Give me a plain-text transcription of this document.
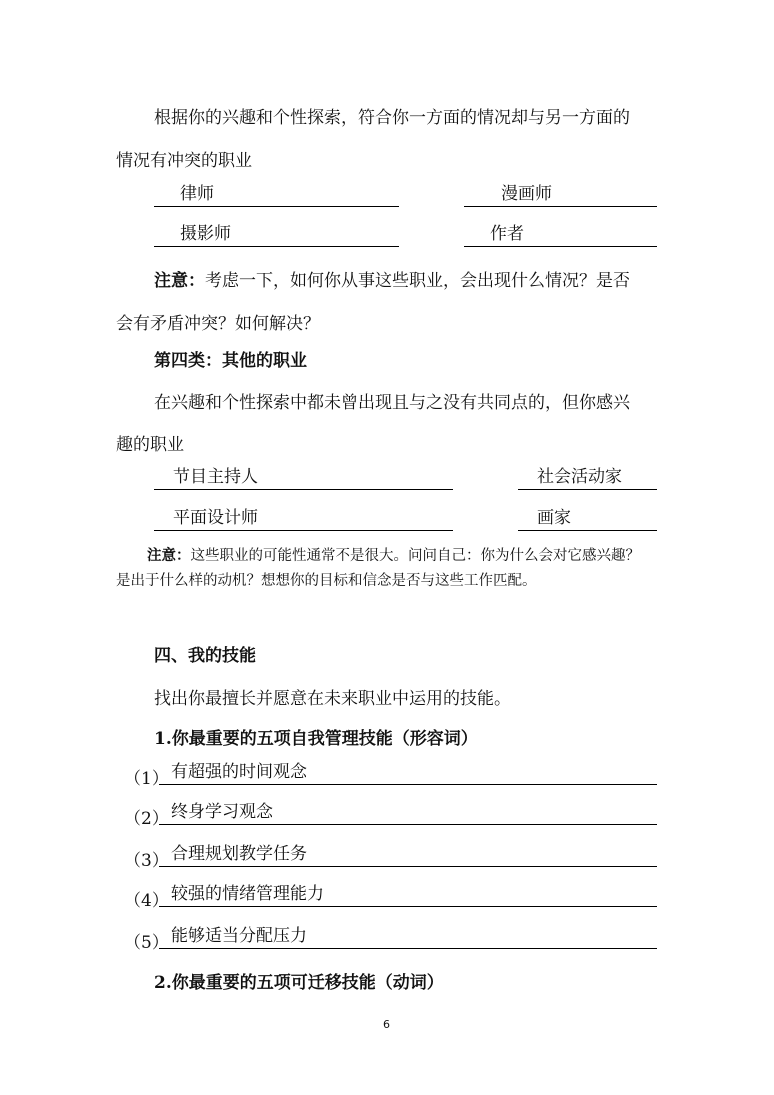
根据你的兴趣和个性探索，符合你一方面的情况却与另一方面的
情况有冲突的职业
律师	漫画师
摄影师	作者
注意：考虑一下，如何你从事这些职业，会出现什么情况？是否
会有矛盾冲突？如何解决？
第四类：其他的职业
在兴趣和个性探索中都未曾出现且与之没有共同点的，但你感兴
趣的职业
节目主持人	社会活动家
平面设计师	画家
注意：这些职业的可能性通常不是很大。问问自己：你为什么会对它感兴趣？
是出于什么样的动机？想想你的目标和信念是否与这些工作匹配。
四、我的技能
找出你最擅长并愿意在未来职业中运用的技能。
1.你最重要的五项自我管理技能（形容词）
（1） 有超强的时间观念
（2） 终身学习观念
（3） 合理规划教学任务
（4） 较强的情绪管理能力
（5） 能够适当分配压力
2.你最重要的五项可迁移技能（动词）
6
